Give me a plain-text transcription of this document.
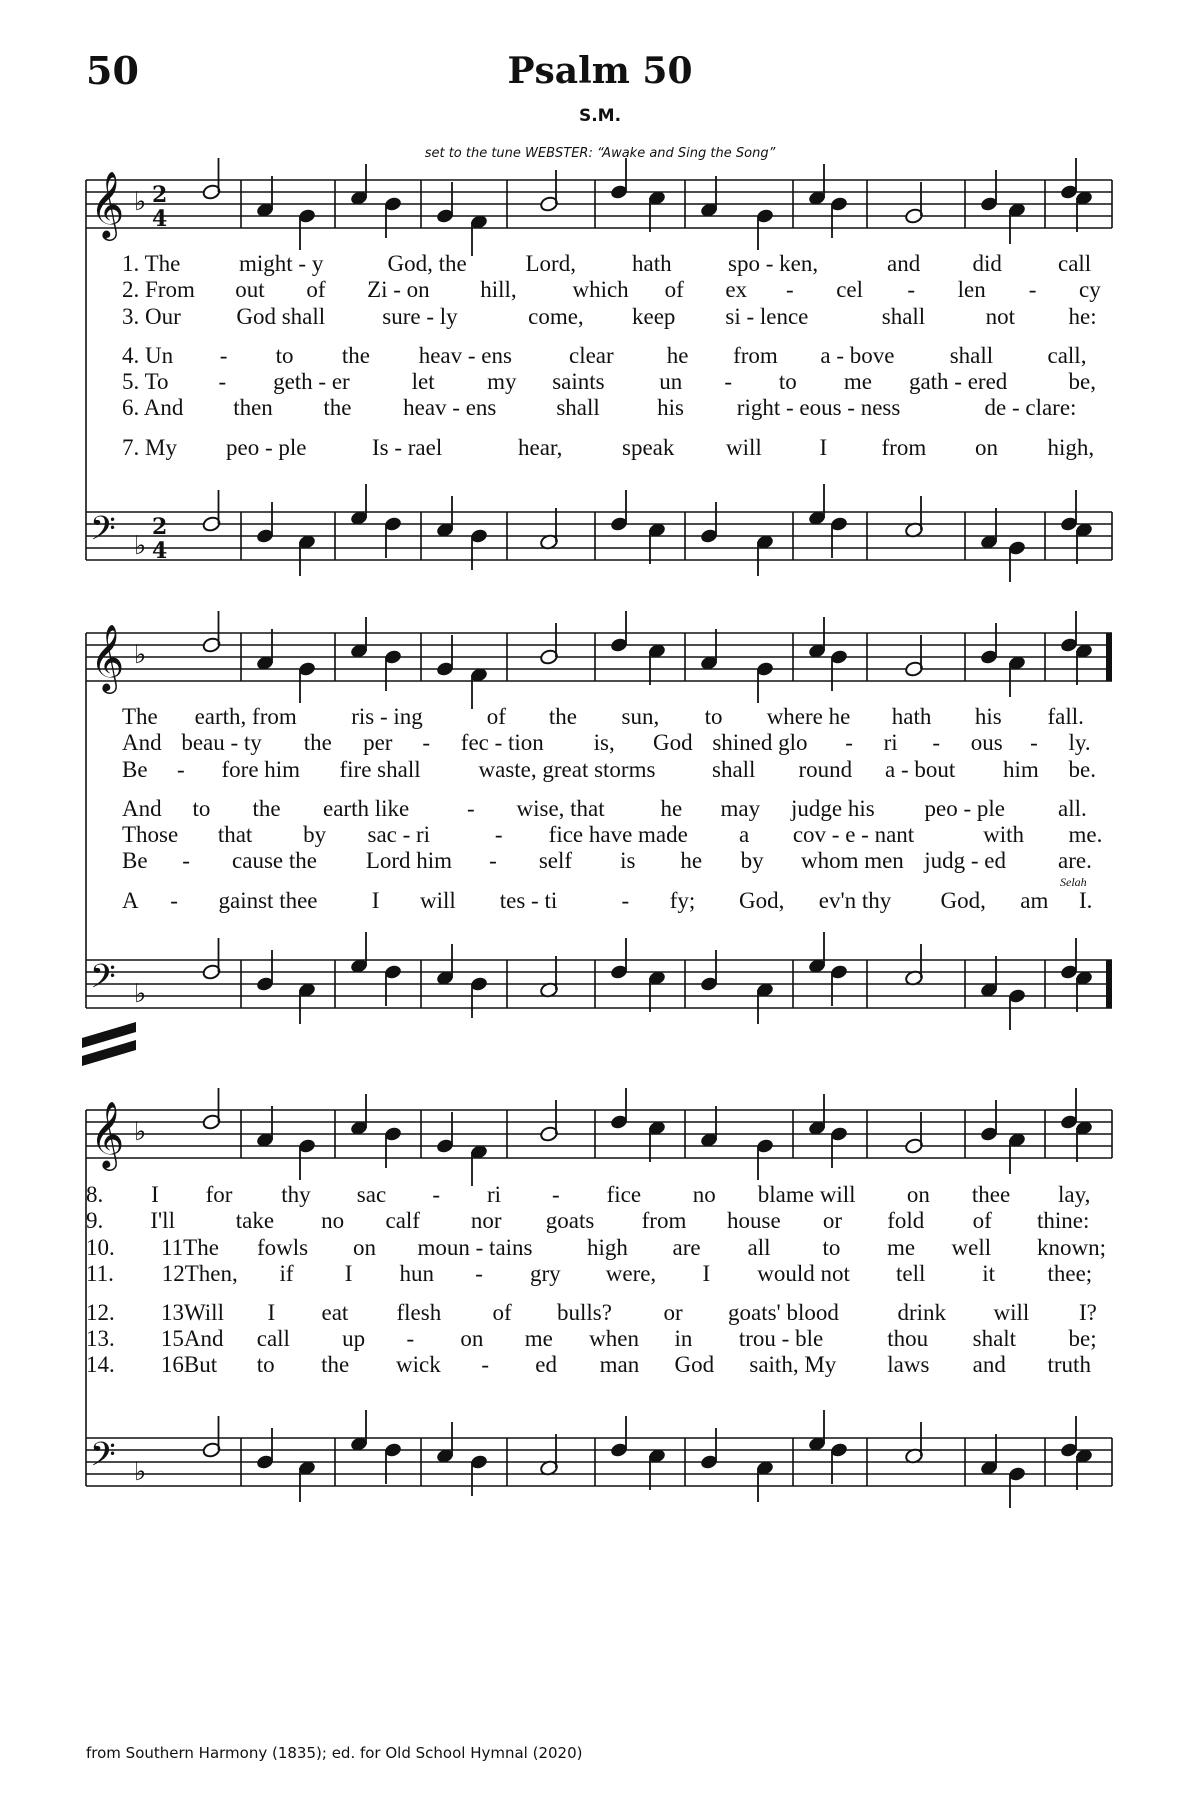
50	Psalm 50
S.M.
set to the tune WEBSTER: “Awake and Sing the Song”
from Southern Harmony (1835); ed. for Old School Hymnal (2020)
𝄞 ♭ 2
4
𝄢 ♭
2
4
1. The	might - y	God, the	Lord, hath spo - ken,	and did call
2. From out of Zi - on hill, which of ex - cel - len - cy
3. Our God shall sure - ly	come, keep si - lence	shall	not he:
4. Un - to the heav - ens clear he from a - bove shall call,
5. To - geth - er	let my saints un - to me gath - ered	be,
6. And then the heav - ens	shall his right - eous - ness	de - clare:
7. My peo - ple	Is - rael	hear,	speak will	I from on high,
𝄞 ♭
𝄢 ♭
The earth, from ris - ing	of the sun, to where he hath his fall.
And beau - ty the per - fec - tion is, God shined glo - ri - ous - ly.
Be - fore him fire shall	waste, great storms shall round a - bout him be.
And to the earth like	- wise, that he may judge his peo - ple all.
Those that by sac - ri	- fice have made a cov - e - nant	with me.
Be - cause the Lord him - self is he by whom men judg - ed are.
A - gainst thee I will tes - ti	- fy; God, ev'n thy God, am I.
𝄞 ♭
𝄢 ♭
8. I for thy sac - ri - fice no blame will on thee lay,
9. I'll	take no calf nor goats from house or fold of thine:
10. 11The fowls on moun - tains high are all to me well known;
11. 12Then, if I hun - gry were, I would not tell it thee;
12. 13Will I eat flesh of bulls? or goats' blood	drink will I?
13. 15And call up - on me when in trou - ble	thou shalt be;
14. 16But to the wick - ed man God saith, My laws and truth
Selah
